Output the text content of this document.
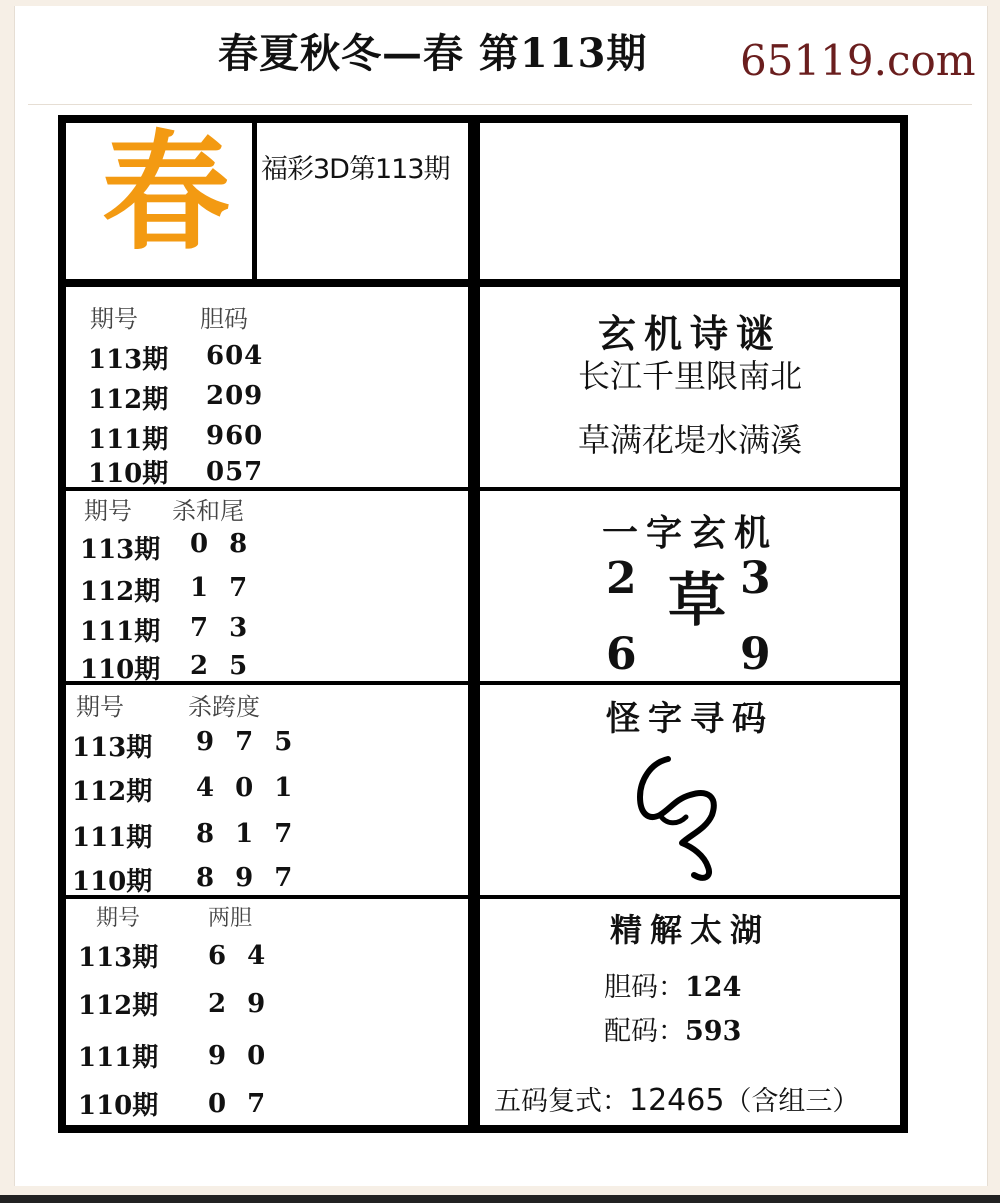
春夏秋冬—春 第113期 65119.com
春 福彩3D第113期
期号	胆码
113期 604
112期 209
111期 960
110期 057
期号 杀和尾
113期 0 8
112期 1 7
111期 7 3
110期 2 5
期号	杀跨度
113期 9 7 5
112期 4 0 1
111期 8 1 7
110期 8 9 7
期号	两胆
113期 6 4
112期 2 9
111期 9 0
110期 0 7
玄机诗谜
长江千里限南北
草满花堤水满溪
一字玄机
2 草 3
6 9
怪字寻码
精解太湖
胆码：124
配码：593
五码复式：12465（含组三）
